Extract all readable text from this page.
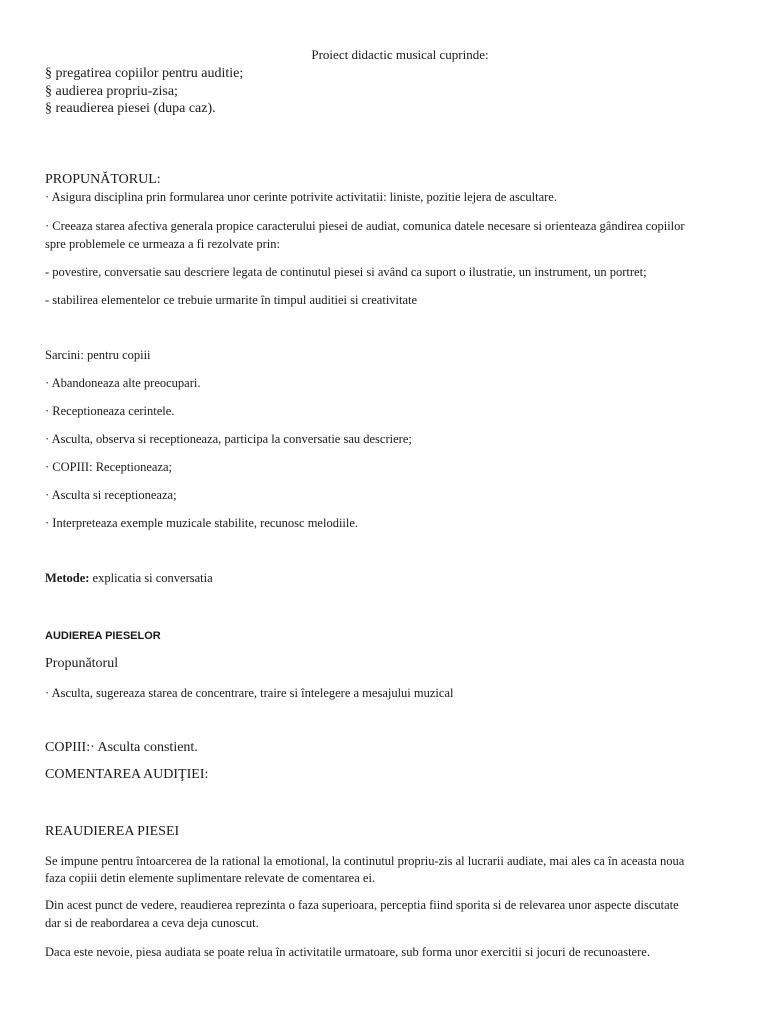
Proiect didactic musical cuprinde:
§ pregatirea copiilor pentru auditie;
§ audierea propriu-zisa;
§ reaudierea piesei (dupa caz).
PROPUNĂTORUL:
· Asigura disciplina prin formularea unor cerinte potrivite activitatii: liniste, pozitie lejera de ascultare.
· Creeaza starea afectiva generala propice caracterului piesei de audiat, comunica datele necesare si orienteaza gândirea copiilor
spre problemele ce urmeaza a fi rezolvate prin:
- povestire, conversatie sau descriere legata de continutul piesei si având ca suport o ilustratie, un instrument, un portret;
- stabilirea elementelor ce trebuie urmarite în timpul auditiei si creativitate
Sarcini: pentru copiii
· Abandoneaza alte preocupari.
· Receptioneaza cerintele.
· Asculta, observa si receptioneaza, participa la conversatie sau descriere;
· COPIII: Receptioneaza;
· Asculta si receptioneaza;
· Interpreteaza exemple muzicale stabilite, recunosc melodiile.
Metode: explicatia si conversatia
AUDIEREA PIESELOR
Propunătorul
· Asculta, sugereaza starea de concentrare, traire si întelegere a mesajului muzical
COPIII:· Asculta constient.
COMENTAREA AUDIŢIEI:
REAUDIEREA PIESEI
Se impune pentru întoarcerea de la rational la emotional, la continutul propriu-zis al lucrarii audiate, mai ales ca în aceasta noua
faza copiii detin elemente suplimentare relevate de comentarea ei.
Din acest punct de vedere, reaudierea reprezinta o faza superioara, perceptia fiind sporita si de relevarea unor aspecte discutate
dar si de reabordarea a ceva deja cunoscut.
Daca este nevoie, piesa audiata se poate relua în activitatile urmatoare, sub forma unor exercitii si jocuri de recunoastere.
